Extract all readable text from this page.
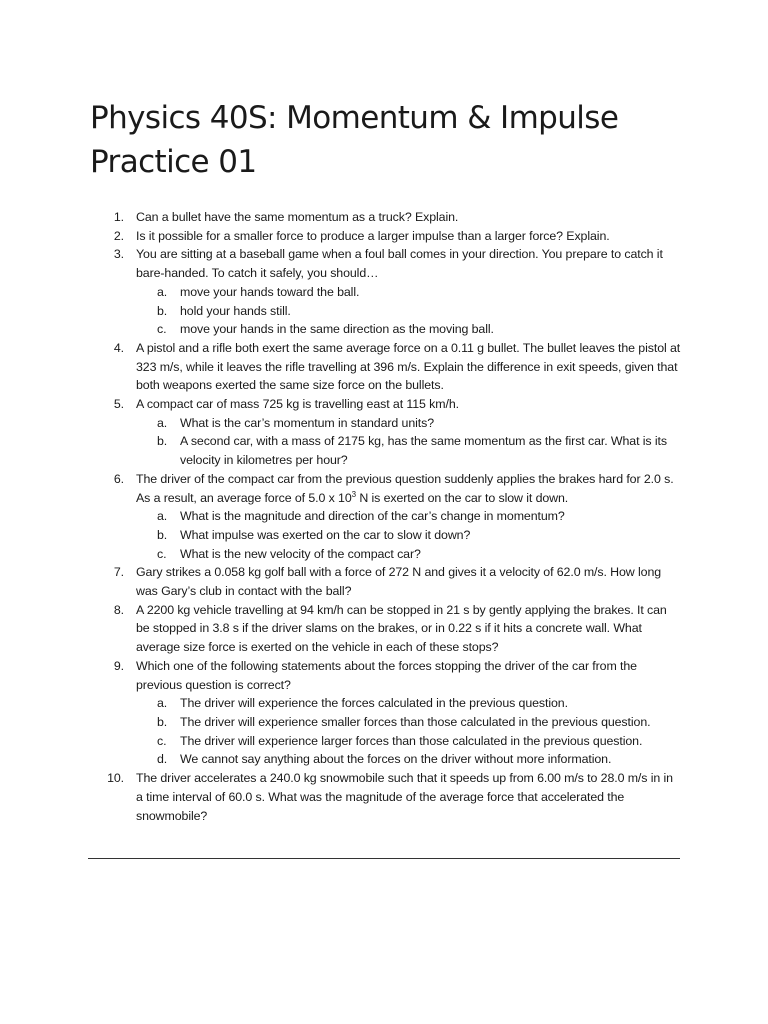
Physics 40S: Momentum & Impulse
Practice 01
1. Can a bullet have the same momentum as a truck? Explain.
2. Is it possible for a smaller force to produce a larger impulse than a larger force? Explain.
3. You are sitting at a baseball game when a foul ball comes in your direction. You prepare to catch it bare-handed. To catch it safely, you should…
a. move your hands toward the ball.
b. hold your hands still.
c. move your hands in the same direction as the moving ball.
4. A pistol and a rifle both exert the same average force on a 0.11 g bullet. The bullet leaves the pistol at 323 m/s, while it leaves the rifle travelling at 396 m/s. Explain the difference in exit speeds, given that both weapons exerted the same size force on the bullets.
5. A compact car of mass 725 kg is travelling east at 115 km/h.
a. What is the car’s momentum in standard units?
b. A second car, with a mass of 2175 kg, has the same momentum as the first car. What is its velocity in kilometres per hour?
6. The driver of the compact car from the previous question suddenly applies the brakes hard for 2.0 s. As a result, an average force of 5.0 x $10^3$ N is exerted on the car to slow it down.
a. What is the magnitude and direction of the car’s change in momentum?
b. What impulse was exerted on the car to slow it down?
c. What is the new velocity of the compact car?
7. Gary strikes a 0.058 kg golf ball with a force of 272 N and gives it a velocity of 62.0 m/s. How long was Gary’s club in contact with the ball?
8. A 2200 kg vehicle travelling at 94 km/h can be stopped in 21 s by gently applying the brakes. It can be stopped in 3.8 s if the driver slams on the brakes, or in 0.22 s if it hits a concrete wall. What average size force is exerted on the vehicle in each of these stops?
9. Which one of the following statements about the forces stopping the driver of the car from the previous question is correct?
a. The driver will experience the forces calculated in the previous question.
b. The driver will experience smaller forces than those calculated in the previous question.
c. The driver will experience larger forces than those calculated in the previous question.
d. We cannot say anything about the forces on the driver without more information.
10. The driver accelerates a 240.0 kg snowmobile such that it speeds up from 6.00 m/s to 28.0 m/s in in a time interval of 60.0 s. What was the magnitude of the average force that accelerated the snowmobile?
